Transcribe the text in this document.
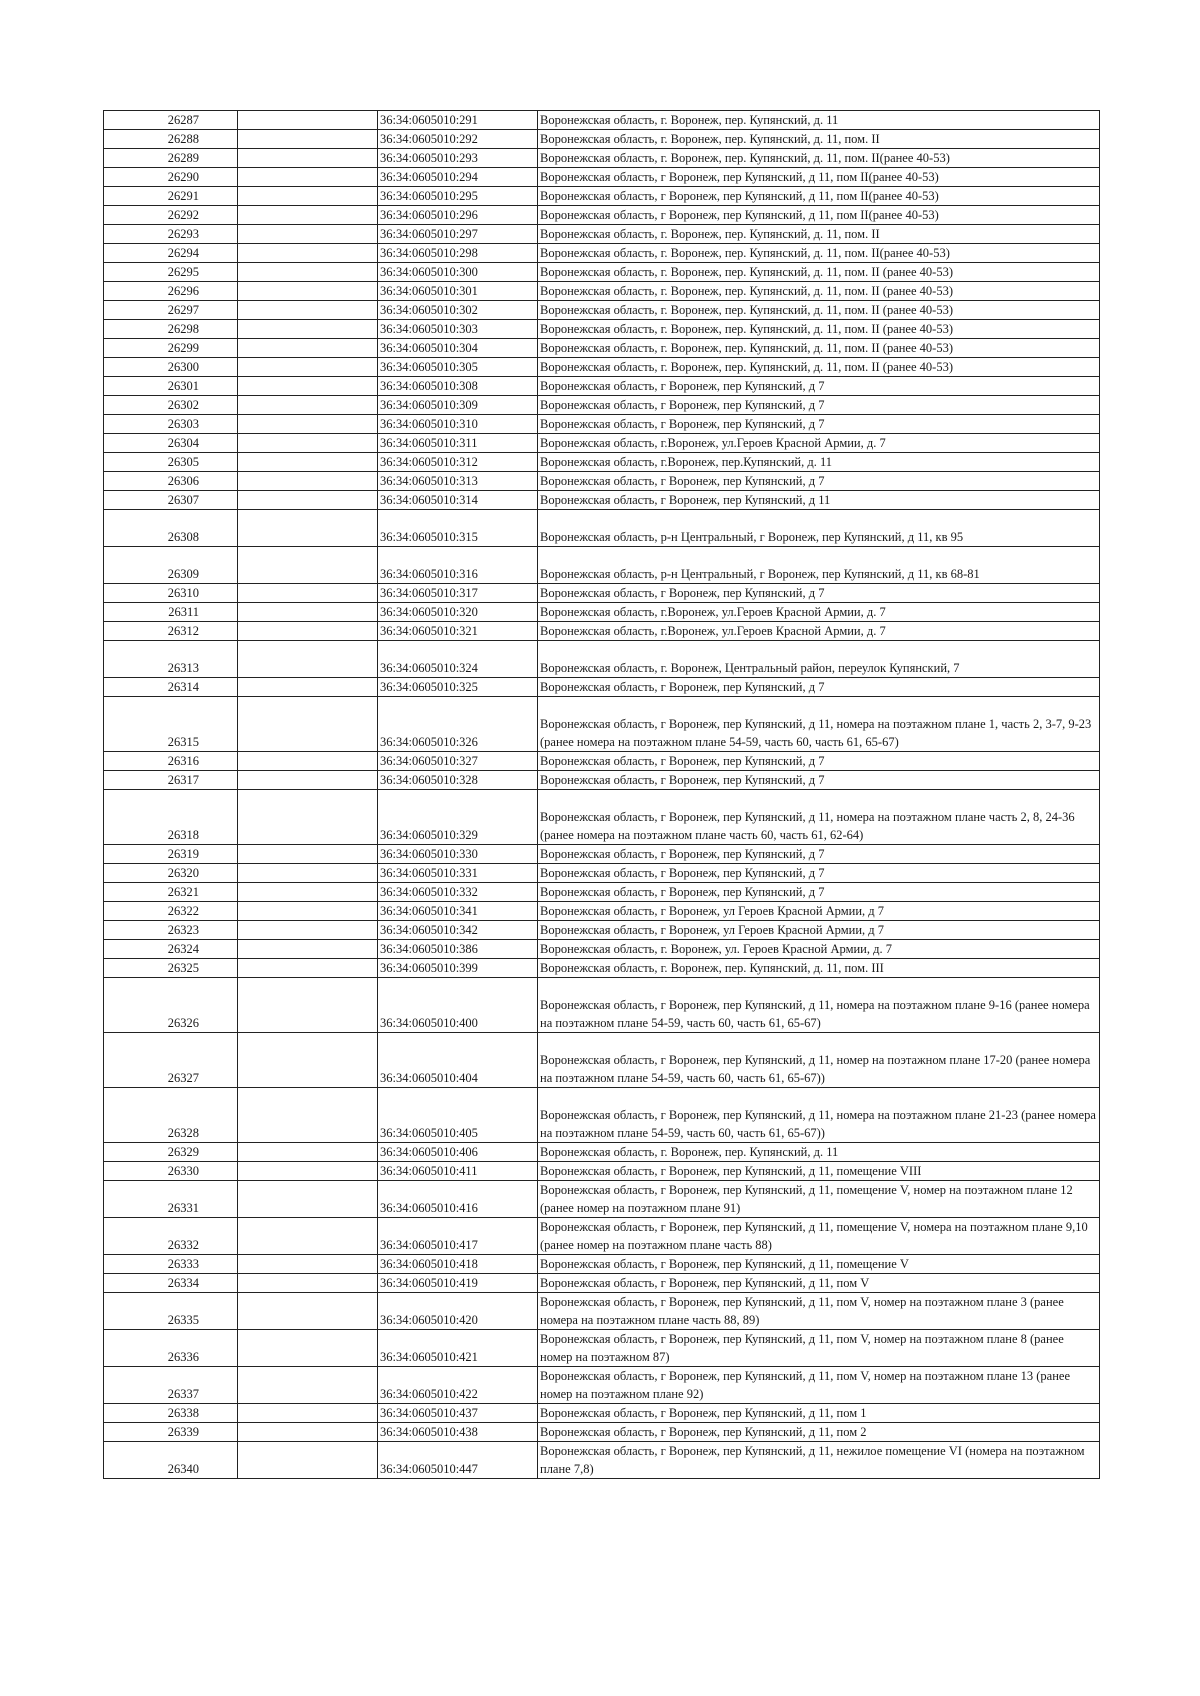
26287		36:34:0605010:291	Воронежская область, г. Воронеж, пер. Купянский, д. 11
26288		36:34:0605010:292	Воронежская область, г. Воронеж, пер. Купянский, д. 11, пом. II
26289		36:34:0605010:293	Воронежская область, г. Воронеж, пер. Купянский, д. 11, пом. II(ранее 40-53)
26290		36:34:0605010:294	Воронежская область, г Воронеж, пер Купянский, д 11, пом II(ранее 40-53)
26291		36:34:0605010:295	Воронежская область, г Воронеж, пер Купянский, д 11, пом II(ранее 40-53)
26292		36:34:0605010:296	Воронежская область, г Воронеж, пер Купянский, д 11, пом II(ранее 40-53)
26293		36:34:0605010:297	Воронежская область, г. Воронеж, пер. Купянский, д. 11, пом. II
26294		36:34:0605010:298	Воронежская область, г. Воронеж, пер. Купянский, д. 11, пом. II(ранее 40-53)
26295		36:34:0605010:300	Воронежская область, г. Воронеж, пер. Купянский, д. 11, пом. II (ранее 40-53)
26296		36:34:0605010:301	Воронежская область, г. Воронеж, пер. Купянский, д. 11, пом. II (ранее 40-53)
26297		36:34:0605010:302	Воронежская область, г. Воронеж, пер. Купянский, д. 11, пом. II (ранее 40-53)
26298		36:34:0605010:303	Воронежская область, г. Воронеж, пер. Купянский, д. 11, пом. II (ранее 40-53)
26299		36:34:0605010:304	Воронежская область, г. Воронеж, пер. Купянский, д. 11, пом. II (ранее 40-53)
26300		36:34:0605010:305	Воронежская область, г. Воронеж, пер. Купянский, д. 11, пом. II (ранее 40-53)
26301		36:34:0605010:308	Воронежская область, г Воронеж, пер Купянский, д 7
26302		36:34:0605010:309	Воронежская область, г Воронеж, пер Купянский, д 7
26303		36:34:0605010:310	Воронежская область, г Воронеж, пер Купянский, д 7
26304		36:34:0605010:311	Воронежская область, г.Воронеж, ул.Героев Красной Армии, д. 7
26305		36:34:0605010:312	Воронежская область, г.Воронеж, пер.Купянский, д. 11
26306		36:34:0605010:313	Воронежская область, г Воронеж, пер Купянский, д 7
26307		36:34:0605010:314	Воронежская область, г Воронеж, пер Купянский, д 11
26308		36:34:0605010:315	Воронежская область, р-н Центральный, г Воронеж, пер Купянский, д 11, кв 95
26309		36:34:0605010:316	Воронежская область, р-н Центральный, г Воронеж, пер Купянский, д 11, кв 68-81
26310		36:34:0605010:317	Воронежская область, г Воронеж, пер Купянский, д 7
26311		36:34:0605010:320	Воронежская область, г.Воронеж, ул.Героев Красной Армии, д. 7
26312		36:34:0605010:321	Воронежская область, г.Воронеж, ул.Героев Красной Армии, д. 7
26313		36:34:0605010:324	Воронежская область, г. Воронеж, Центральный район, переулок Купянский, 7
26314		36:34:0605010:325	Воронежская область, г Воронеж, пер Купянский, д 7
26315		36:34:0605010:326	Воронежская область, г Воронеж, пер Купянский, д 11, номера на поэтажном плане 1, часть 2, 3-7, 9-23 (ранее номера на поэтажном плане 54-59, часть 60, часть 61, 65-67)
26316		36:34:0605010:327	Воронежская область, г Воронеж, пер Купянский, д 7
26317		36:34:0605010:328	Воронежская область, г Воронеж, пер Купянский, д 7
26318		36:34:0605010:329	Воронежская область, г Воронеж, пер Купянский, д 11, номера на поэтажном плане часть 2, 8, 24-36 (ранее номера на поэтажном плане часть 60, часть 61, 62-64)
26319		36:34:0605010:330	Воронежская область, г Воронеж, пер Купянский, д 7
26320		36:34:0605010:331	Воронежская область, г Воронеж, пер Купянский, д 7
26321		36:34:0605010:332	Воронежская область, г Воронеж, пер Купянский, д 7
26322		36:34:0605010:341	Воронежская область, г Воронеж, ул Героев Красной Армии, д 7
26323		36:34:0605010:342	Воронежская область, г Воронеж, ул Героев Красной Армии, д 7
26324		36:34:0605010:386	Воронежская область, г. Воронеж, ул. Героев Красной Армии, д. 7
26325		36:34:0605010:399	Воронежская область, г. Воронеж, пер. Купянский, д. 11, пом. III
26326		36:34:0605010:400	Воронежская область, г Воронеж, пер Купянский, д 11, номера на поэтажном плане 9-16 (ранее номера на поэтажном плане 54-59, часть 60, часть 61, 65-67)
26327		36:34:0605010:404	Воронежская область, г Воронеж, пер Купянский, д 11, номер на поэтажном плане 17-20 (ранее номера на поэтажном плане 54-59, часть 60, часть 61, 65-67))
26328		36:34:0605010:405	Воронежская область, г Воронеж, пер Купянский, д 11, номера на поэтажном плане 21-23 (ранее номера на поэтажном плане 54-59, часть 60, часть 61, 65-67))
26329		36:34:0605010:406	Воронежская область, г. Воронеж, пер. Купянский, д. 11
26330		36:34:0605010:411	Воронежская область, г Воронеж, пер Купянский, д 11, помещение VIII
26331		36:34:0605010:416	Воронежская область, г Воронеж, пер Купянский, д 11, помещение V, номер на поэтажном плане 12 (ранее номер на поэтажном плане 91)
26332		36:34:0605010:417	Воронежская область, г Воронеж, пер Купянский, д 11, помещение V, номера на поэтажном плане 9,10 (ранее номер на поэтажном плане часть 88)
26333		36:34:0605010:418	Воронежская область, г Воронеж, пер Купянский, д 11, помещение V
26334		36:34:0605010:419	Воронежская область, г Воронеж, пер Купянский, д 11, пом V
26335		36:34:0605010:420	Воронежская область, г Воронеж, пер Купянский, д 11, пом V, номер на поэтажном плане 3 (ранее номера на поэтажном плане часть 88, 89)
26336		36:34:0605010:421	Воронежская область, г Воронеж, пер Купянский, д 11, пом V, номер на поэтажном плане 8 (ранее номер на поэтажном 87)
26337		36:34:0605010:422	Воронежская область, г Воронеж, пер Купянский, д 11, пом V, номер на поэтажном плане 13 (ранее номер на поэтажном плане 92)
26338		36:34:0605010:437	Воронежская область, г Воронеж, пер Купянский, д 11, пом 1
26339		36:34:0605010:438	Воронежская область, г Воронеж, пер Купянский, д 11, пом 2
26340		36:34:0605010:447	Воронежская область, г Воронеж, пер Купянский, д 11, нежилое помещение VI (номера на поэтажном плане 7,8)
